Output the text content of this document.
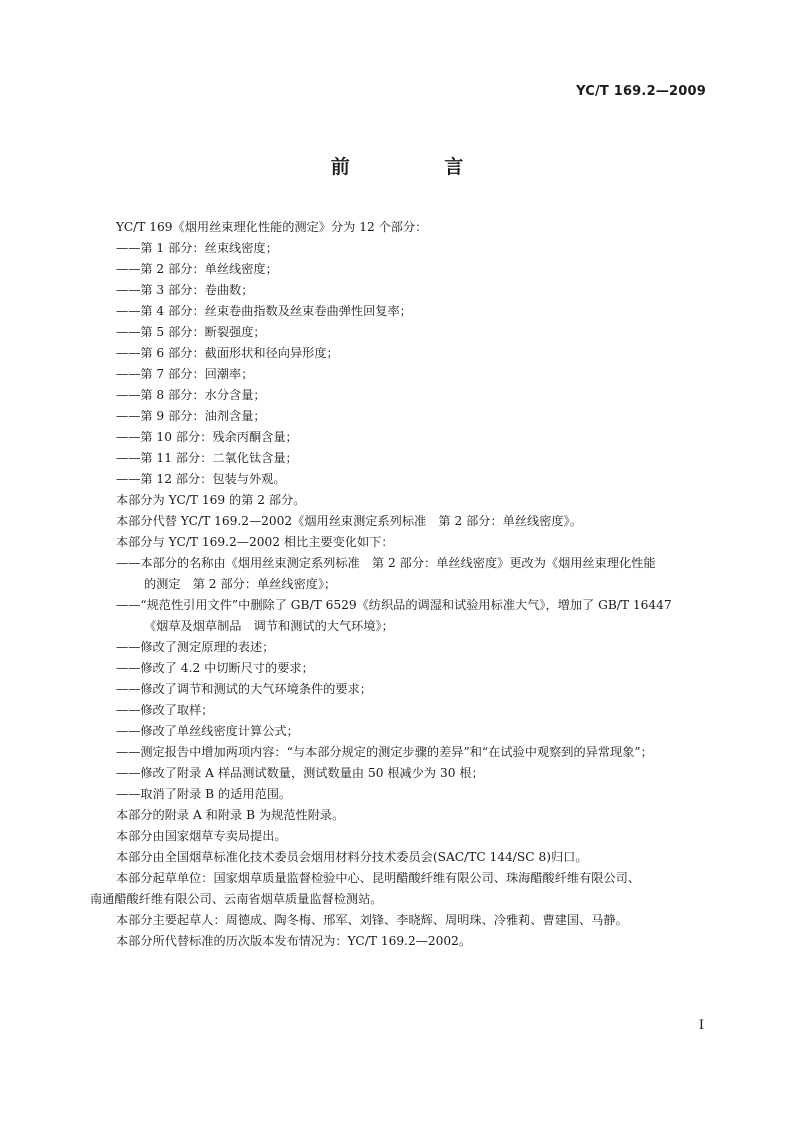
YC/T 169.2—2009
前 言
YC/T 169《烟用丝束理化性能的测定》分为 12 个部分：
——第 1 部分：丝束线密度；
——第 2 部分：单丝线密度；
——第 3 部分：卷曲数；
——第 4 部分：丝束卷曲指数及丝束卷曲弹性回复率；
——第 5 部分：断裂强度；
——第 6 部分：截面形状和径向异形度；
——第 7 部分：回潮率；
——第 8 部分：水分含量；
——第 9 部分：油剂含量；
——第 10 部分：残余丙酮含量；
——第 11 部分：二氧化钛含量；
——第 12 部分：包装与外观。
本部分为 YC/T 169 的第 2 部分。
本部分代替 YC/T 169.2—2002《烟用丝束测定系列标准　第 2 部分：单丝线密度》。
本部分与 YC/T 169.2—2002 相比主要变化如下：
——本部分的名称由《烟用丝束测定系列标准　第 2 部分：单丝线密度》更改为《烟用丝束理化性能
的测定　第 2 部分：单丝线密度》；
——“规范性引用文件”中删除了 GB/T 6529《纺织品的调湿和试验用标准大气》，增加了 GB/T 16447
《烟草及烟草制品　调节和测试的大气环境》；
——修改了测定原理的表述；
——修改了 4.2 中切断尺寸的要求；
——修改了调节和测试的大气环境条件的要求；
——修改了取样；
——修改了单丝线密度计算公式；
——测定报告中增加两项内容：“与本部分规定的测定步骤的差异”和“在试验中观察到的异常现象”；
——修改了附录 A 样品测试数量，测试数量由 50 根减少为 30 根；
——取消了附录 B 的适用范围。
本部分的附录 A 和附录 B 为规范性附录。
本部分由国家烟草专卖局提出。
本部分由全国烟草标准化技术委员会烟用材料分技术委员会(SAC/TC 144/SC 8)归口。
本部分起草单位：国家烟草质量监督检验中心、昆明醋酸纤维有限公司、珠海醋酸纤维有限公司、
南通醋酸纤维有限公司、云南省烟草质量监督检测站。
本部分主要起草人：周德成、陶冬梅、邢军、刘锋、李晓辉、周明珠、冷雅莉、曹建国、马静。
本部分所代替标准的历次版本发布情况为：YC/T 169.2—2002。
I
